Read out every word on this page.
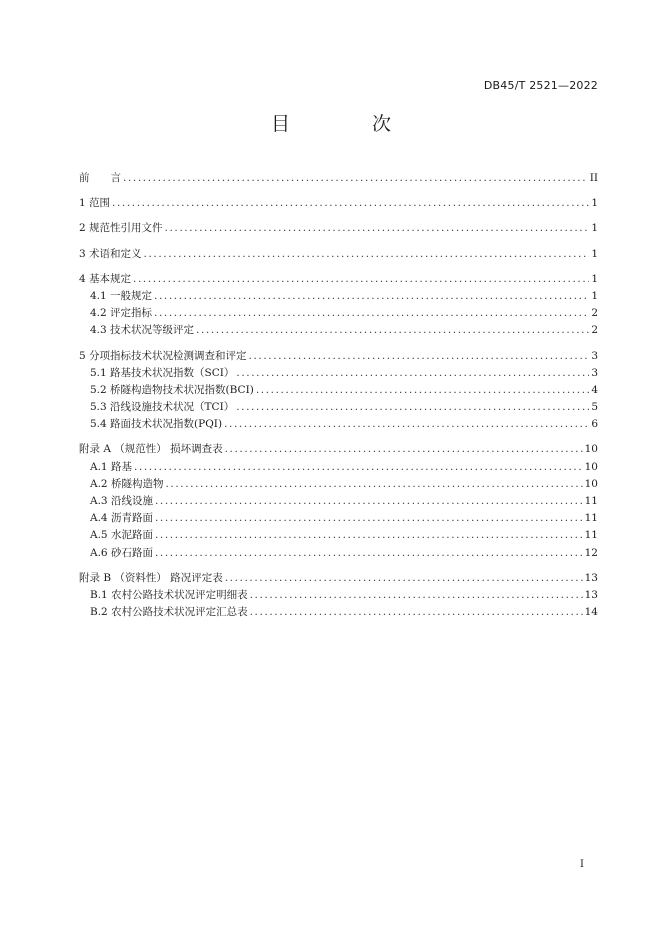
DB45/T 2521—2022
目 次
前　　言 .....	II
1 范围 .....	1
2 规范性引用文件 .....	1
3 术语和定义 .....	1
4 基本规定 .....	1
4.1 一般规定 .....	1
4.2 评定指标 .....	2
4.3 技术状况等级评定 .....	2
5 分项指标技术状况检测调查和评定 .....	3
5.1 路基技术状况指数（SCI） .....	3
5.2 桥隧构造物技术状况指数(BCI) .....	4
5.3 沿线设施技术状况（TCI） .....	5
5.4 路面技术状况指数(PQI) .....	6
附录 A （规范性） 损坏调查表 .....	10
A.1 路基 .....	10
A.2 桥隧构造物 .....	10
A.3 沿线设施 .....	11
A.4 沥青路面 .....	11
A.5 水泥路面 .....	11
A.6 砂石路面 .....	12
附录 B （资料性） 路况评定表 .....	13
B.1 农村公路技术状况评定明细表 .....	13
B.2 农村公路技术状况评定汇总表 .....	14
I
